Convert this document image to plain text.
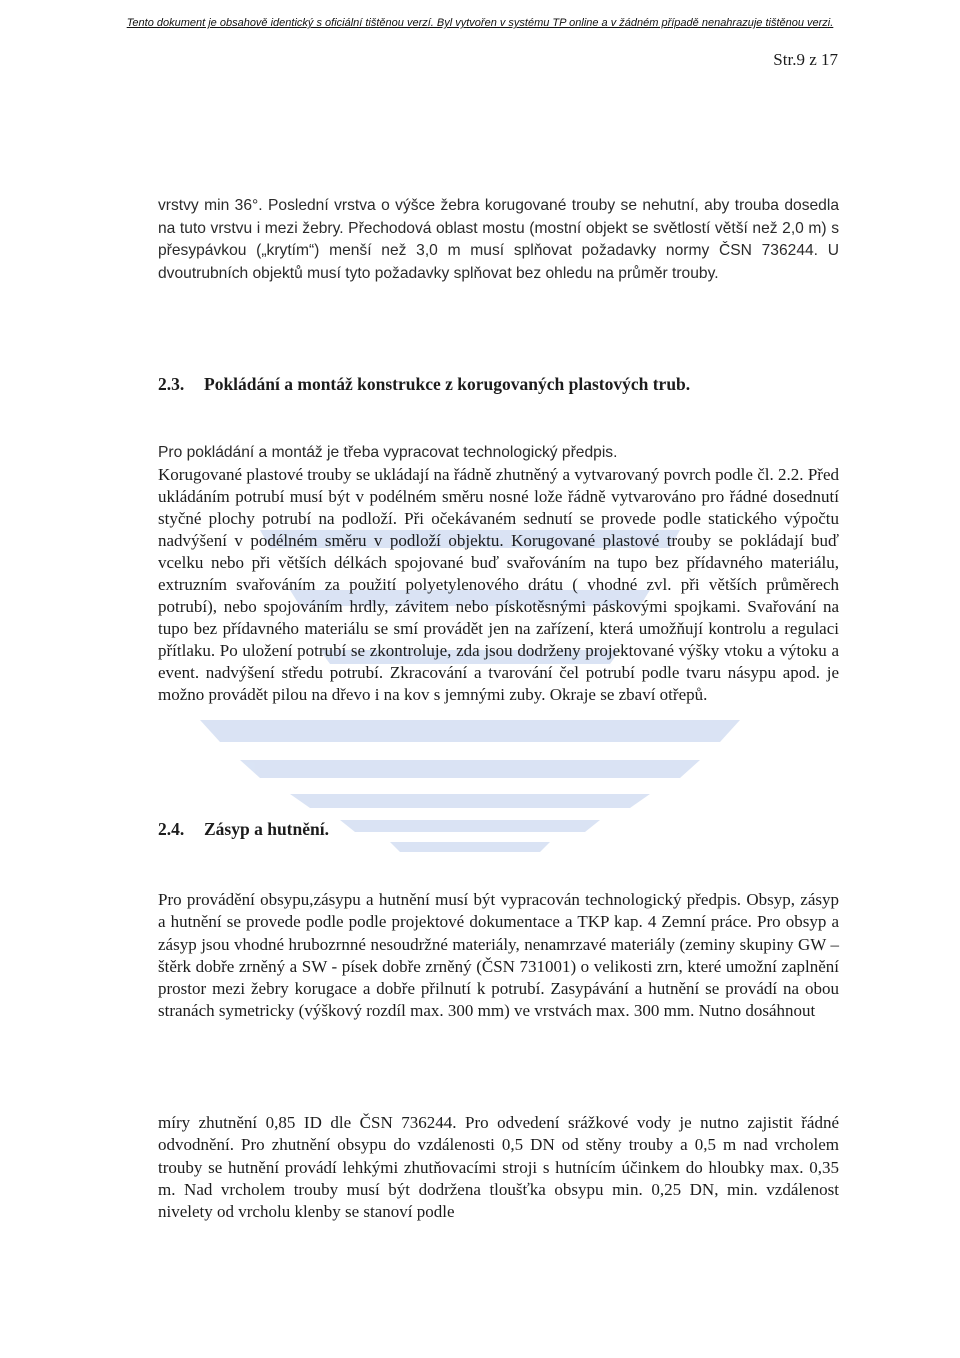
Tento dokument je obsahově identický s oficiální tištěnou verzí. Byl vytvořen v systému TP online a v žádném případě nenahrazuje tištěnou verzi.
Str.9 z 17

vrstvy min 36°. Poslední vrstva o výšce žebra korugované trouby se nehutní, aby trouba dosedla na tuto vrstvu i mezi žebry. Přechodová oblast mostu (mostní objekt se světlostí větší než 2,0 m) s přesypávkou („krytím“) menší než 3,0 m musí splňovat požadavky normy ČSN 736244. U dvoutrubních objektů musí tyto požadavky splňovat bez ohledu na průměr trouby.

2.3. Pokládání a montáž konstrukce z korugovaných plastových trub.

Pro pokládání a montáž je třeba vypracovat technologický předpis.

Korugované plastové trouby se ukládají na řádně zhutněný a vytvarovaný povrch podle čl. 2.2. Před ukládáním potrubí musí být v podélném směru nosné lože řádně vytvarováno pro řádné dosednutí styčné plochy potrubí na podloží. Při očekávaném sednutí se provede podle statického výpočtu nadvýšení v podélném směru v podloží objektu. Korugované plastové trouby se pokládají buď vcelku nebo při větších délkách spojované buď svařováním na tupo bez přídavného materiálu, extruzním svařováním za použití polyetylenového drátu ( vhodné zvl. při větších průměrech potrubí), nebo spojováním hrdly, závitem nebo pískotěsnými páskovými spojkami. Svařování na tupo bez přídavného materiálu se smí provádět jen na zařízení, která umožňují kontrolu a regulaci přítlaku. Po uložení potrubí se zkontroluje, zda jsou dodrženy projektované výšky vtoku a výtoku a event. nadvýšení středu potrubí. Zkracování a tvarování čel potrubí podle tvaru násypu apod. je možno provádět pilou na dřevo i na kov s jemnými zuby. Okraje se zbaví otřepů.

2.4. Zásyp a hutnění.

Pro provádění obsypu,zásypu a hutnění musí být vypracován technologický předpis. Obsyp, zásyp a hutnění se provede podle podle projektové dokumentace a TKP kap. 4 Zemní práce. Pro obsyp a zásyp jsou vhodné hrubozrnné nesoudržné materiály, nenamrzavé materiály (zeminy skupiny GW – štěrk dobře zrněný a SW - písek dobře zrněný (ČSN 731001) o velikosti zrn, které umožní zaplnění prostor mezi žebry korugace a dobře přilnutí k potrubí. Zasypávání a hutnění se provádí na obou stranách symetricky (výškový rozdíl max. 300 mm) ve vrstvách max. 300 mm. Nutno dosáhnout

míry zhutnění 0,85 ID dle ČSN 736244. Pro odvedení srážkové vody je nutno zajistit řádné odvodnění. Pro zhutnění obsypu do vzdálenosti 0,5 DN od stěny trouby a 0,5 m nad vrcholem trouby se hutnění provádí lehkými zhutňovacími stroji s hutnícím účinkem do hloubky max. 0,35 m. Nad vrcholem trouby musí být dodržena tloušťka obsypu min. 0,25 DN, min. vzdálenost nivelety od vrcholu klenby se stanoví podle
